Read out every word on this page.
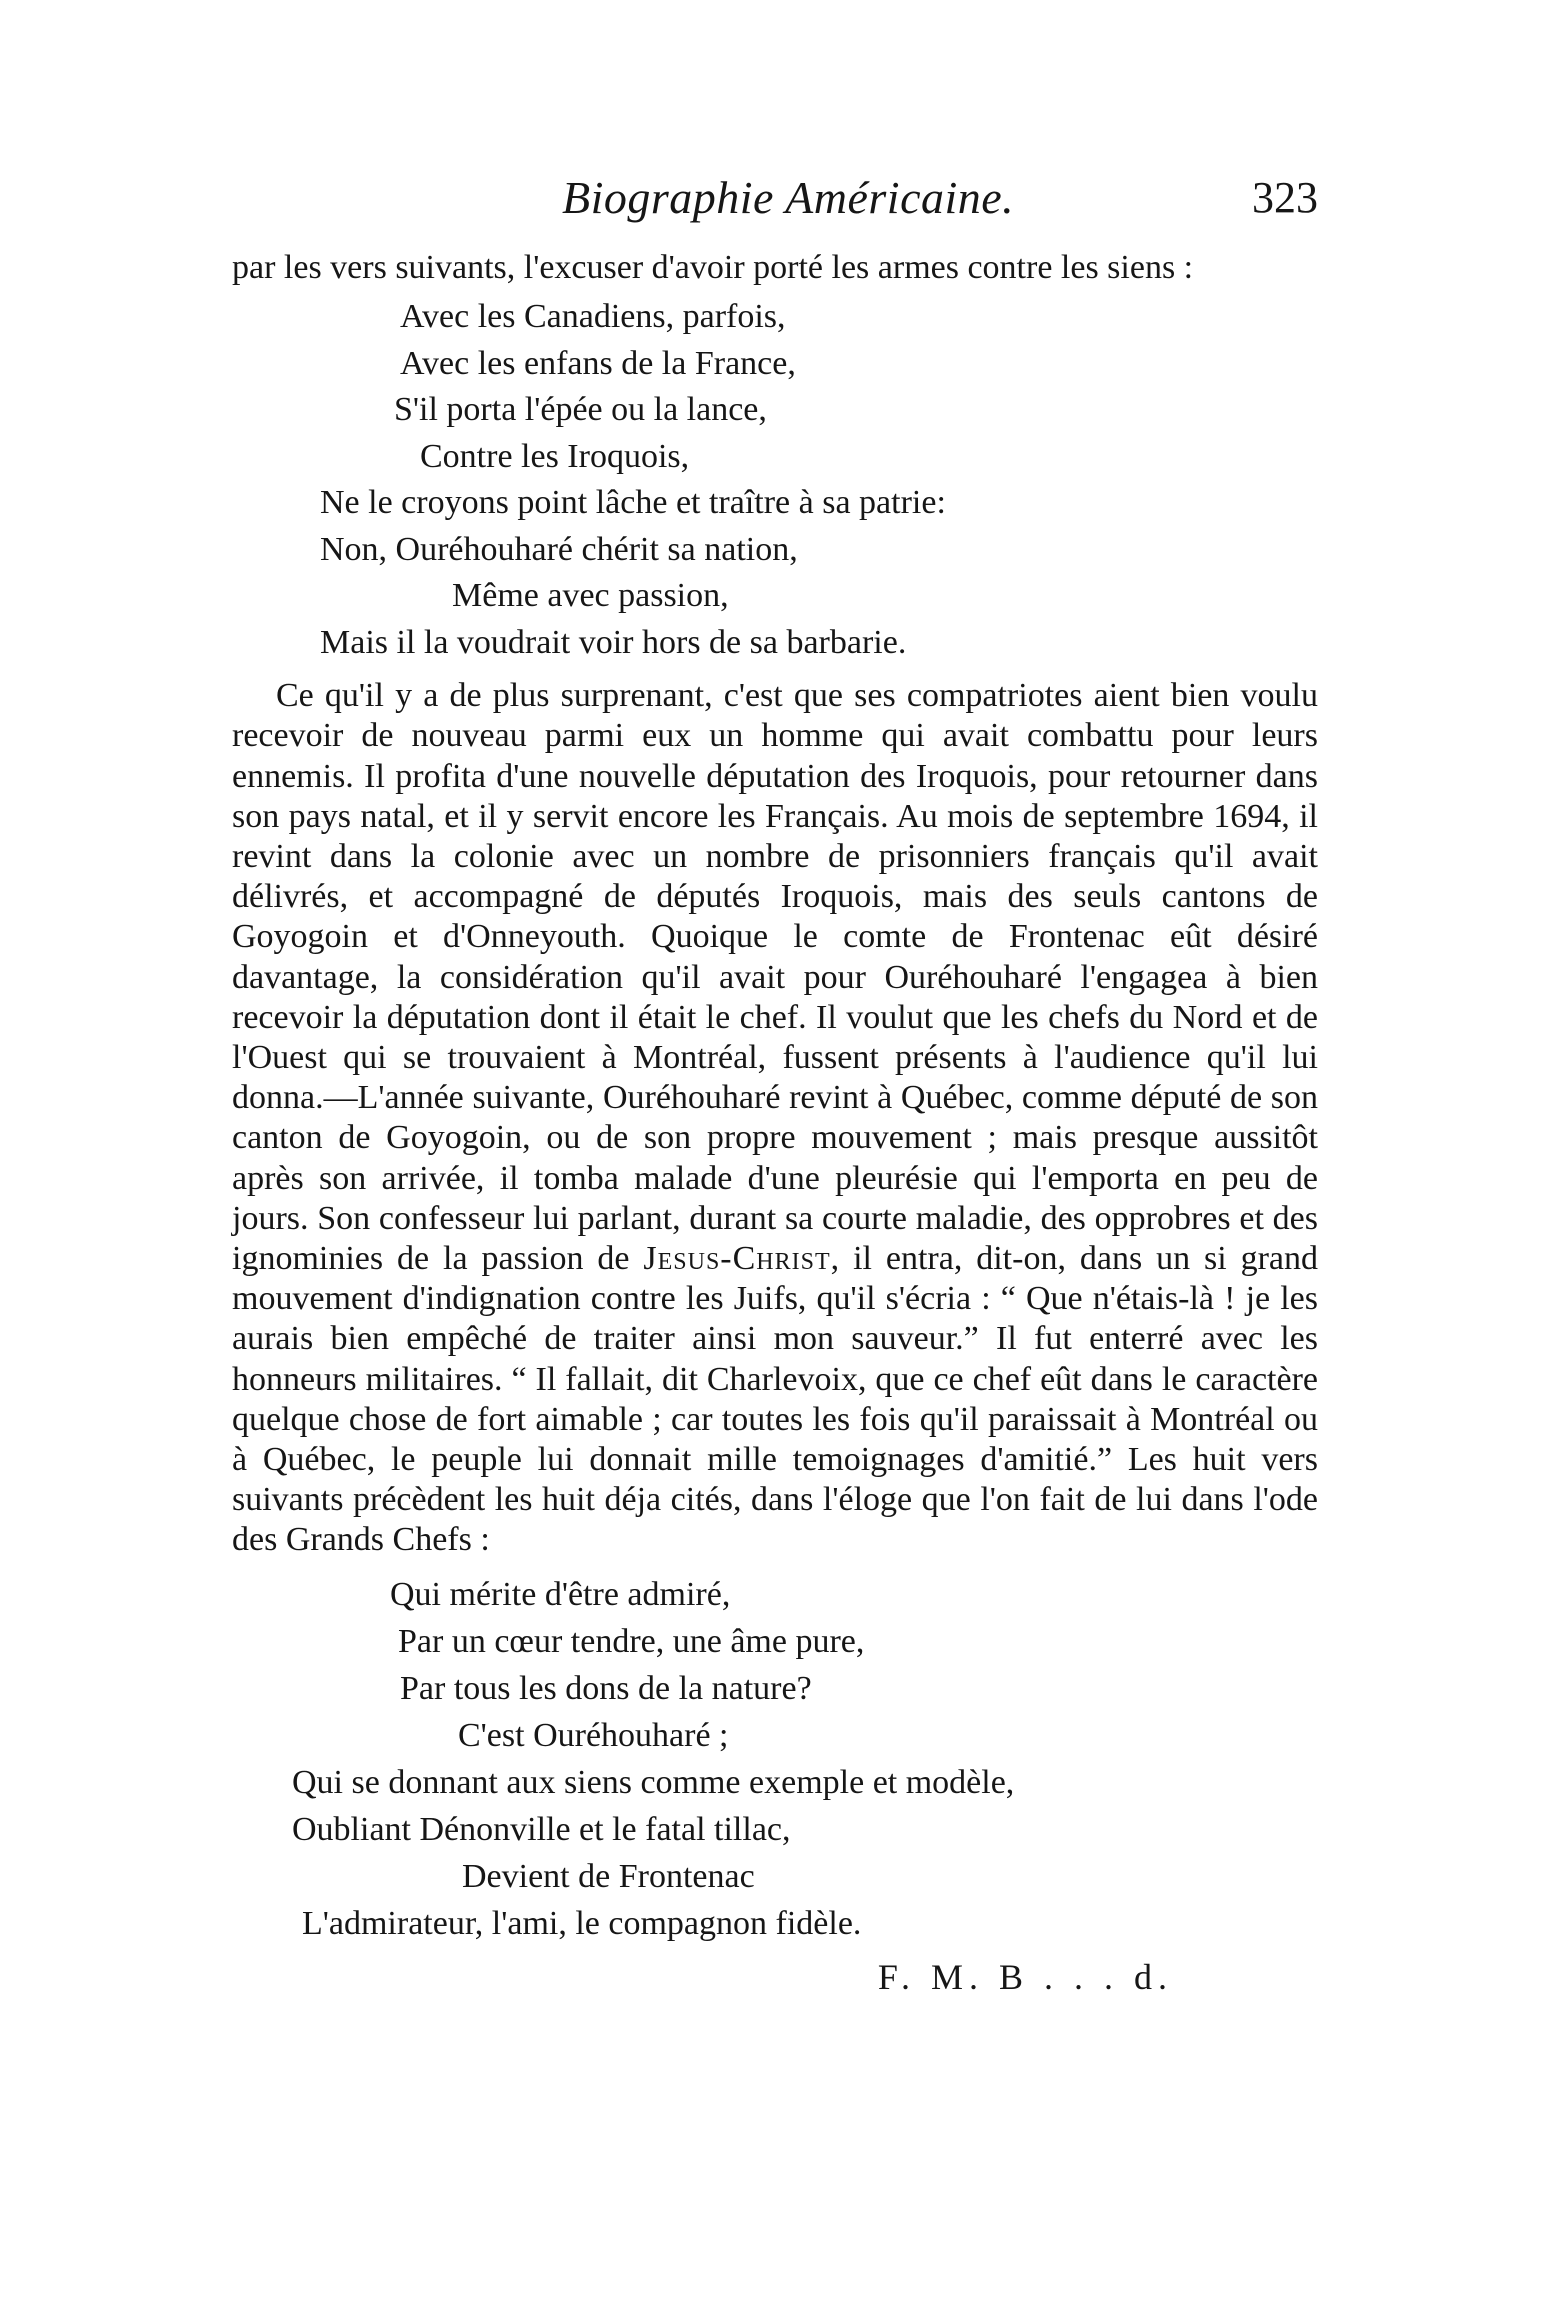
Biographie Américaine.	323

par les vers suivants, l'excuser d'avoir porté les armes contre les siens :

Avec les Canadiens, parfois,
Avec les enfans de la France,
S'il porta l'épée ou la lance,
Contre les Iroquois,
Ne le croyons point lâche et traître à sa patrie:
Non, Ouréhouharé chérit sa nation,
Même avec passion,
Mais il la voudrait voir hors de sa barbarie.

Ce qu'il y a de plus surprenant, c'est que ses compatriotes aient bien voulu recevoir de nouveau parmi eux un homme qui avait combattu pour leurs ennemis. Il profita d'une nouvelle députation des Iroquois, pour retourner dans son pays natal, et il y servit encore les Français. Au mois de septembre 1694, il revint dans la colonie avec un nombre de prisonniers français qu'il avait délivrés, et accompagné de députés Iroquois, mais des seuls cantons de Goyogoin et d'Onneyouth. Quoique le comte de Frontenac eût désiré davantage, la considération qu'il avait pour Ouréhouharé l'engagea à bien recevoir la députation dont il était le chef. Il voulut que les chefs du Nord et de l'Ouest qui se trouvaient à Montréal, fussent présents à l'audience qu'il lui donna.—L'année suivante, Ouréhouharé revint à Québec, comme député de son canton de Goyogoin, ou de son propre mouvement ; mais presque aussitôt après son arrivée, il tomba malade d'une pleurésie qui l'emporta en peu de jours. Son confesseur lui parlant, durant sa courte maladie, des opprobres et des ignominies de la passion de Jesus-Christ, il entra, dit-on, dans un si grand mouvement d'indignation contre les Juifs, qu'il s'écria : “ Que n'étais-là ! je les aurais bien empêché de traiter ainsi mon sauveur.” Il fut enterré avec les honneurs militaires. “ Il fallait, dit Charlevoix, que ce chef eût dans le caractère quelque chose de fort aimable ; car toutes les fois qu'il paraissait à Montréal ou à Québec, le peuple lui donnait mille temoignages d'amitié.” Les huit vers suivants précèdent les huit déja cités, dans l'éloge que l'on fait de lui dans l'ode des Grands Chefs :

Qui mérite d'être admiré,
Par un cœur tendre, une âme pure,
Par tous les dons de la nature?
C'est Ouréhouharé ;
Qui se donnant aux siens comme exemple et modèle,
Oubliant Dénonville et le fatal tillac,
Devient de Frontenac
L'admirateur, l'ami, le compagnon fidèle.
F. M. B . . . d.
